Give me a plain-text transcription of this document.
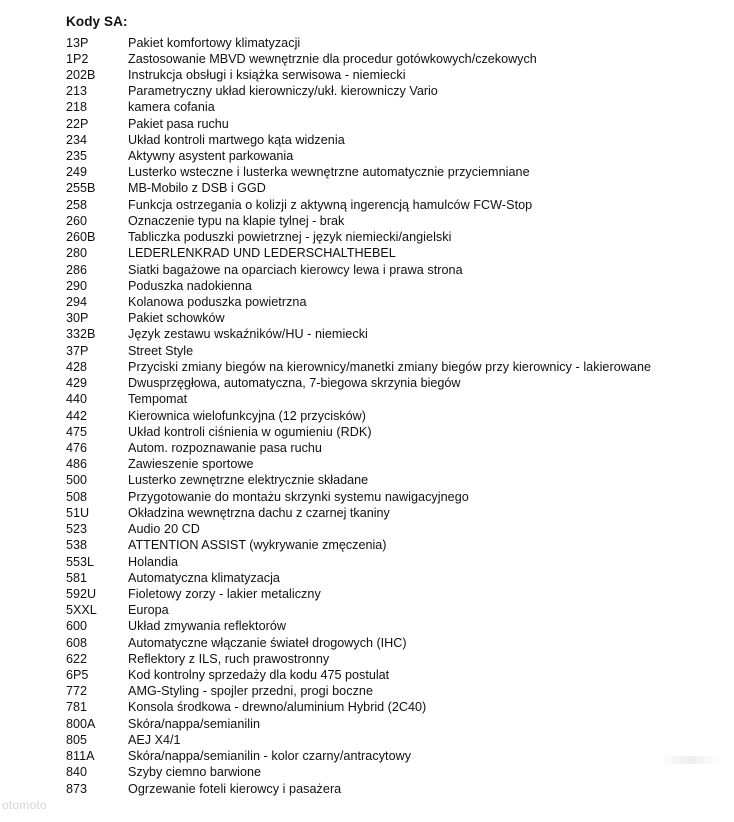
Kody SA:
13P	Pakiet komfortowy klimatyzacji
1P2	Zastosowanie MBVD wewnętrznie dla procedur gotówkowych/czekowych
202B	Instrukcja obsługi i książka serwisowa - niemiecki
213	Parametryczny układ kierowniczy/ukł. kierowniczy Vario
218	kamera cofania
22P	Pakiet pasa ruchu
234	Układ kontroli martwego kąta widzenia
235	Aktywny asystent parkowania
249	Lusterko wsteczne i lusterka wewnętrzne automatycznie przyciemniane
255B	MB-Mobilo z DSB i GGD
258	Funkcja ostrzegania o kolizji z aktywną ingerencją hamulców FCW-Stop
260	Oznaczenie typu na klapie tylnej - brak
260B	Tabliczka poduszki powietrznej - język niemiecki/angielski
280	LEDERLENKRAD UND LEDERSCHALTHEBEL
286	Siatki bagażowe na oparciach kierowcy lewa i prawa strona
290	Poduszka nadokienna
294	Kolanowa poduszka powietrzna
30P	Pakiet schowków
332B	Język zestawu wskaźników/HU - niemiecki
37P	Street Style
428	Przyciski zmiany biegów na kierownicy/manetki zmiany biegów przy kierownicy - lakierowane
429	Dwusprzęgłowa, automatyczna, 7-biegowa skrzynia biegów
440	Tempomat
442	Kierownica wielofunkcyjna (12 przycisków)
475	Układ kontroli ciśnienia w ogumieniu (RDK)
476	Autom. rozpoznawanie pasa ruchu
486	Zawieszenie sportowe
500	Lusterko zewnętrzne elektrycznie składane
508	Przygotowanie do montażu skrzynki systemu nawigacyjnego
51U	Okładzina wewnętrzna dachu z czarnej tkaniny
523	Audio 20 CD
538	ATTENTION ASSIST (wykrywanie zmęczenia)
553L	Holandia
581	Automatyczna klimatyzacja
592U	Fioletowy zorzy - lakier metaliczny
5XXL Europa
600	Układ zmywania reflektorów
608	Automatyczne włączanie świateł drogowych (IHC)
622	Reflektory z ILS, ruch prawostronny
6P5	Kod kontrolny sprzedaży dla kodu 475 postulat
772	AMG-Styling - spojler przedni, progi boczne
781	Konsola środkowa - drewno/aluminium Hybrid (2C40)
800A	Skóra/nappa/semianilin
805	AEJ X4/1
811A	Skóra/nappa/semianilin - kolor czarny/antracytowy
840	Szyby ciemno barwione
873	Ogrzewanie foteli kierowcy i pasażera
otomoto
